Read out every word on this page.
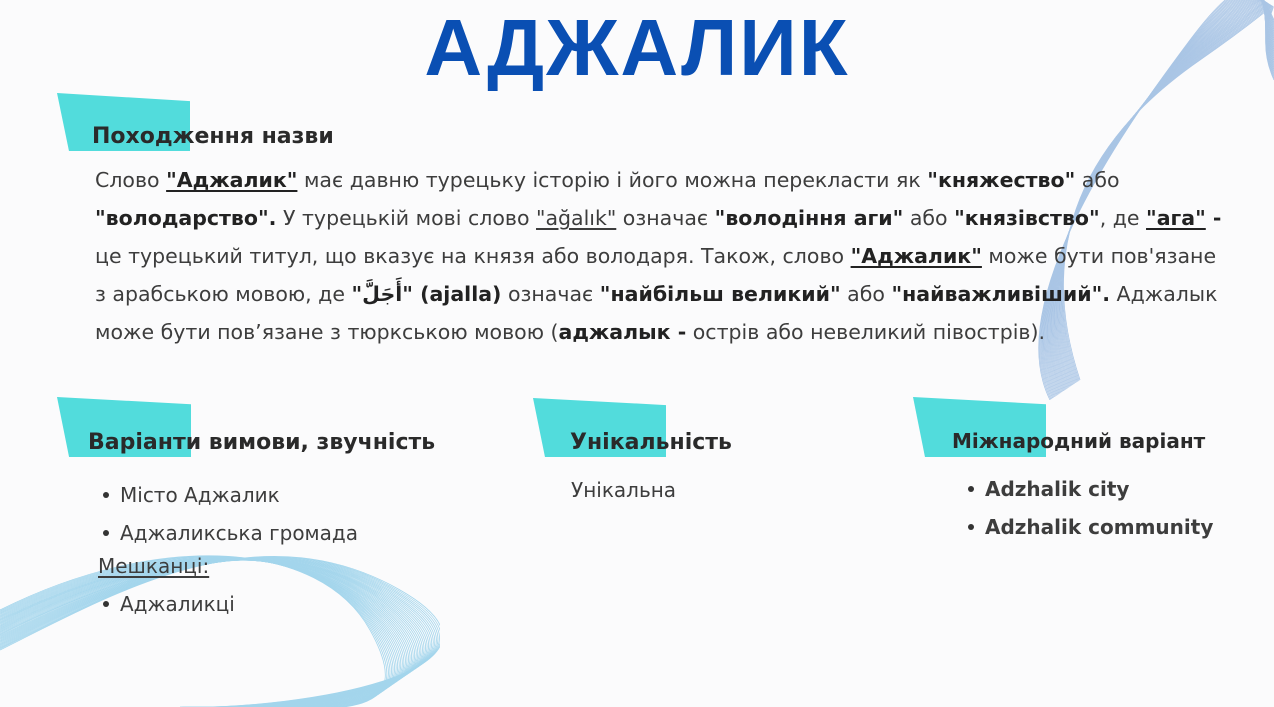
АДЖАЛИК
Походження назви
Слово "Аджалик" має давню турецьку історію і його можна перекласти як "княжество" або "володарство". У турецькій мові слово "ağalık" означає "володіння аги" або "князівство", де "ага" - це турецький титул, що вказує на князя або володаря. Також, слово "Аджалик" може бути пов'язане з арабською мовою, де "أَجَلَّ" (ajalla) означає "найбільш великий" або "найважливіший". Аджалык може бути пов’язане з тюркською мовою (аджалык - острів або невеликий півострів).
Варіанти вимови, звучність
Місто Аджалик
Аджаликська громада
Мешканці:
Аджаликці
Унікальність
Унікальна
Міжнародний варіант
Adzhalik city
Adzhalik community
